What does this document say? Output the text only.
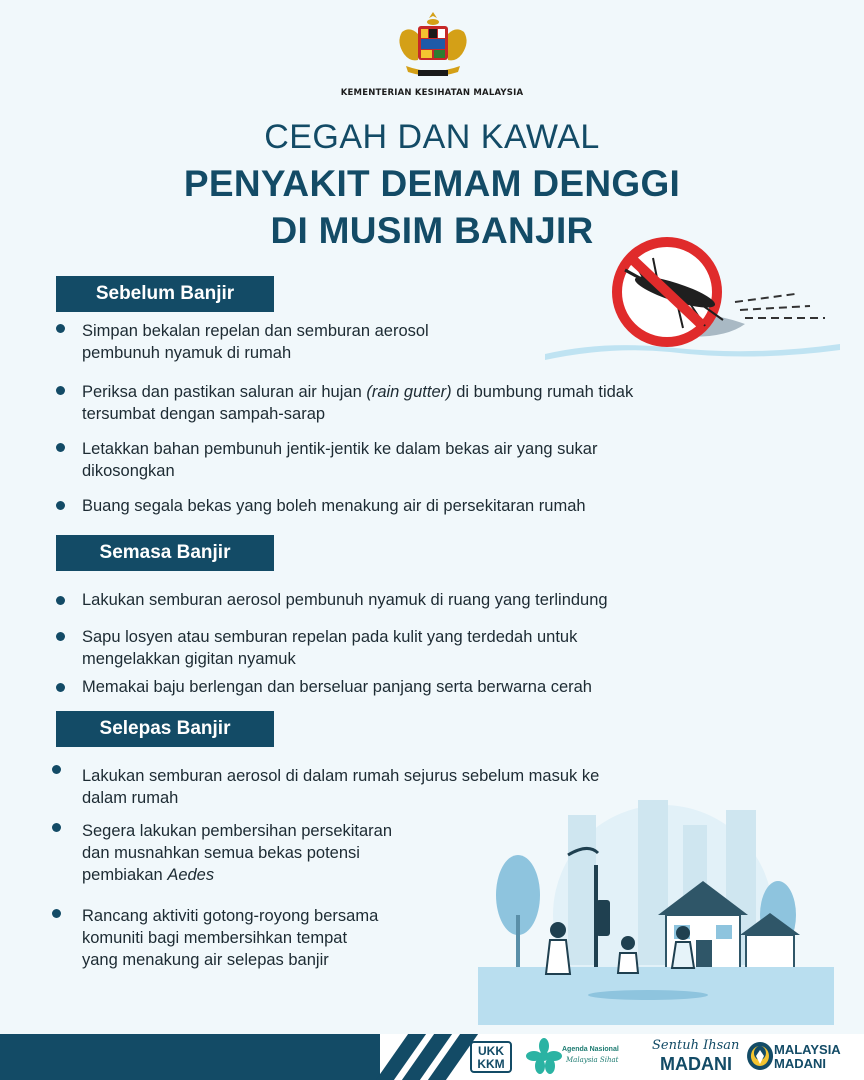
KEMENTERIAN KESIHATAN MALAYSIA
CEGAH DAN KAWAL
PENYAKIT DEMAM DENGGI
DI MUSIM BANJIR
Sebelum Banjir
Simpan bekalan repelan dan semburan aerosol
pembunuh nyamuk di rumah
Periksa dan pastikan saluran air hujan (rain gutter) di bumbung rumah tidak
tersumbat dengan sampah-sarap
Letakkan bahan pembunuh jentik-jentik ke dalam bekas air yang sukar
dikosongkan
Buang segala bekas yang boleh menakung air di persekitaran rumah
Semasa Banjir
Lakukan semburan aerosol pembunuh nyamuk di ruang yang terlindung
Sapu losyen atau semburan repelan pada kulit yang terdedah untuk
mengelakkan gigitan nyamuk
Memakai baju berlengan dan berseluar panjang serta berwarna cerah
Selepas Banjir
Lakukan semburan aerosol di dalam rumah sejurus sebelum masuk ke
dalam rumah
Segera lakukan pembersihan persekitaran
dan musnahkan semua bekas potensi
pembiakan Aedes
Rancang aktiviti gotong-royong bersama
komuniti bagi membersihkan tempat
yang menakung air selepas banjir
UKK
KKM
Agenda Nasional
Malaysia Sihat
Sentuh Ihsan
MADANI
MALAYSIA
MADANI
